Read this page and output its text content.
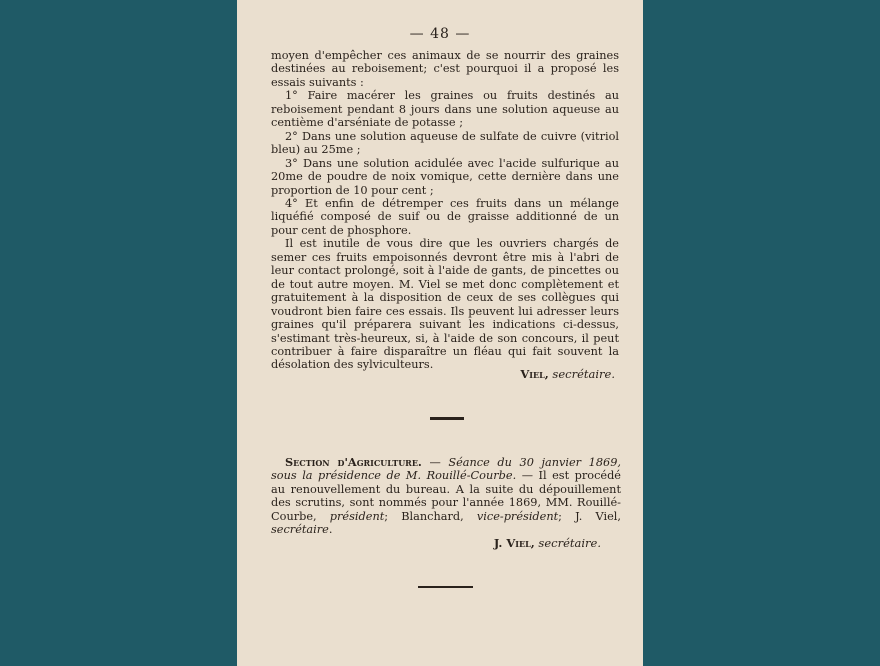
— 48 —

moyen d'empêcher ces animaux de se nourrir des graines destinées au reboisement; c'est pourquoi il a proposé les essais suivants :

1° Faire macérer les graines ou fruits destinés au reboisement pendant 8 jours dans une solution aqueuse au centième d'arséniate de potasse ;

2° Dans une solution aqueuse de sulfate de cuivre (vitriol bleu) au 25me ;

3° Dans une solution acidulée avec l'acide sulfurique au 20me de poudre de noix vomique, cette dernière dans une proportion de 10 pour cent ;

4° Et enfin de détremper ces fruits dans un mélange liquéfié composé de suif ou de graisse additionné de un pour cent de phosphore.

Il est inutile de vous dire que les ouvriers chargés de semer ces fruits empoisonnés devront être mis à l'abri de leur contact prolongé, soit à l'aide de gants, de pincettes ou de tout autre moyen. M. Viel se met donc complètement et gratuitement à la disposition de ceux de ses collègues qui voudront bien faire ces essais. Ils peuvent lui adresser leurs graines qu'il préparera suivant les indications ci-dessus, s'estimant très-heureux, si, à l'aide de son concours, il peut contribuer à faire disparaître un fléau qui fait souvent la désolation des sylviculteurs.

Viel, secrétaire.

Section d'Agriculture. — Séance du 30 janvier 1869, sous la présidence de M. Rouillé-Courbe. — Il est procédé au renouvellement du bureau. A la suite du dépouillement des scrutins, sont nommés pour l'année 1869, MM. Rouillé-Courbe, président; Blanchard, vice-président; J. Viel, secrétaire.

J. Viel, secrétaire.
